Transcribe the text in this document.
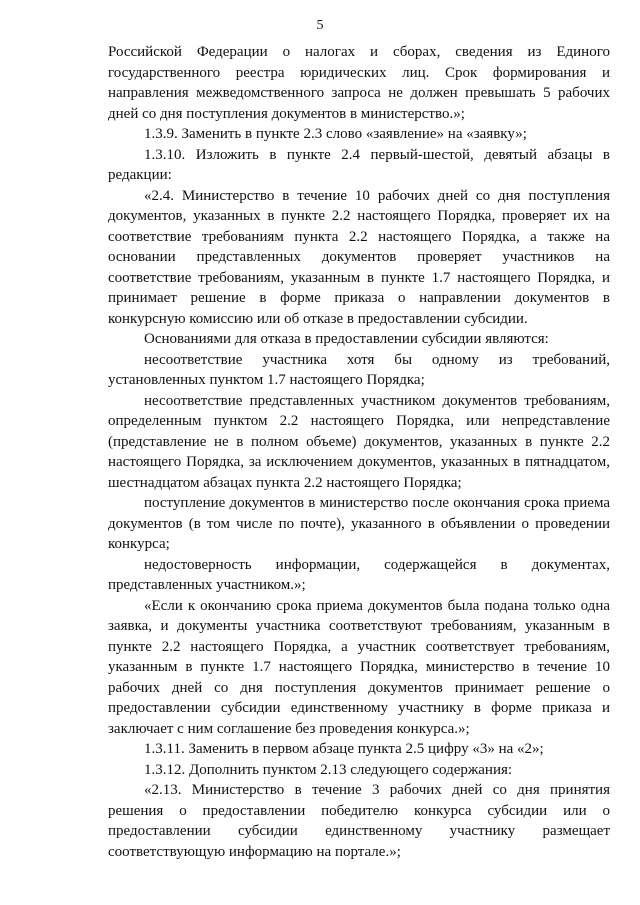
5

Российской Федерации о налогах и сборах, сведения из Единого государственного реестра юридических лиц. Срок формирования и направления межведомственного запроса не должен превышать 5 рабочих дней со дня поступления документов в министерство.»;

1.3.9. Заменить в пункте 2.3 слово «заявление» на «заявку»;

1.3.10. Изложить в пункте 2.4 первый-шестой, девятый абзацы в редакции:

«2.4. Министерство в течение 10 рабочих дней со дня поступления документов, указанных в пункте 2.2 настоящего Порядка, проверяет их на соответствие требованиям пункта 2.2 настоящего Порядка, а также на основании представленных документов проверяет участников на соответствие требованиям, указанным в пункте 1.7 настоящего Порядка, и принимает решение в форме приказа о направлении документов в конкурсную комиссию или об отказе в предоставлении субсидии.

Основаниями для отказа в предоставлении субсидии являются:

несоответствие участника хотя бы одному из требований, установленных пунктом 1.7 настоящего Порядка;

несоответствие представленных участником документов требованиям, определенным пунктом 2.2 настоящего Порядка, или непредставление (представление не в полном объеме) документов, указанных в пункте 2.2 настоящего Порядка, за исключением документов, указанных в пятнадцатом, шестнадцатом абзацах пункта 2.2 настоящего Порядка;

поступление документов в министерство после окончания срока приема документов (в том числе по почте), указанного в объявлении о проведении конкурса;

недостоверность информации, содержащейся в документах, представленных участником.»;

«Если к окончанию срока приема документов была подана только одна заявка, и документы участника соответствуют требованиям, указанным в пункте 2.2 настоящего Порядка, а участник соответствует требованиям, указанным в пункте 1.7 настоящего Порядка, министерство в течение 10 рабочих дней со дня поступления документов принимает решение о предоставлении субсидии единственному участнику в форме приказа и заключает с ним соглашение без проведения конкурса.»;

1.3.11. Заменить в первом абзаце пункта 2.5 цифру «3» на «2»;

1.3.12. Дополнить пунктом 2.13 следующего содержания:

«2.13. Министерство в течение 3 рабочих дней со дня принятия решения о предоставлении победителю конкурса субсидии или о предоставлении субсидии единственному участнику размещает соответствующую информацию на портале.»;
